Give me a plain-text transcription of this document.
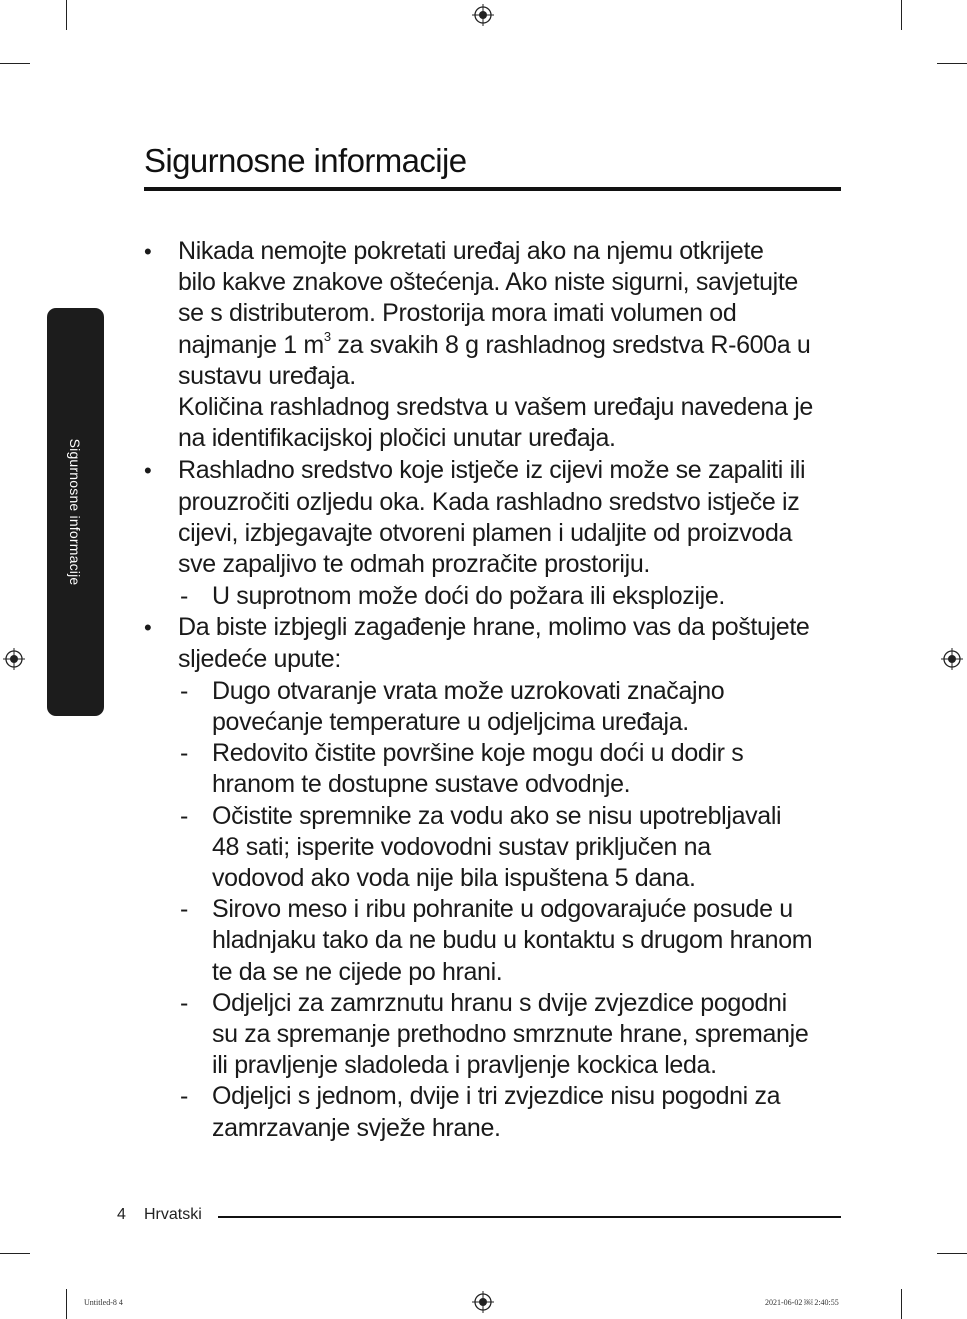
Sigurnosne informacije
Sigurnosne informacije
• Nikada nemojte pokretati uređaj ako na njemu otkrijete
bilo kakve znakove oštećenja. Ako niste sigurni, savjetujte
se s distributerom. Prostorija mora imati volumen od
najmanje 1 $m^3$ za svakih 8 g rashladnog sredstva R-600a u
sustavu uređaja.
Količina rashladnog sredstva u vašem uređaju navedena je
na identifikacijskoj pločici unutar uređaja.
• Rashladno sredstvo koje istječe iz cijevi može se zapaliti ili
prouzročiti ozljedu oka. Kada rashladno sredstvo istječe iz
cijevi, izbjegavajte otvoreni plamen i udaljite od proizvoda
sve zapaljivo te odmah prozračite prostoriju.
- U suprotnom može doći do požara ili eksplozije.
• Da biste izbjegli zagađenje hrane, molimo vas da poštujete
sljedeće upute:
- Dugo otvaranje vrata može uzrokovati značajno
povećanje temperature u odjeljcima uređaja.
- Redovito čistite površine koje mogu doći u dodir s
hranom te dostupne sustave odvodnje.
- Očistite spremnike za vodu ako se nisu upotrebljavali
48 sati; isperite vodovodni sustav priključen na
vodovod ako voda nije bila ispuštena 5 dana.
- Sirovo meso i ribu pohranite u odgovarajuće posude u
hladnjaku tako da ne budu u kontaktu s drugom hranom
te da se ne cijede po hrani.
- Odjeljci za zamrznutu hranu s dvije zvjezdice pogodni
su za spremanje prethodno smrznute hrane, spremanje
ili pravljenje sladoleda i pravljenje kockica leda.
- Odjeljci s jednom, dvije i tri zvjezdice nisu pogodni za
zamrzavanje svježe hrane.
4 Hrvatski
Untitled-8 4	2021-06-02 ￼ 2:40:55
